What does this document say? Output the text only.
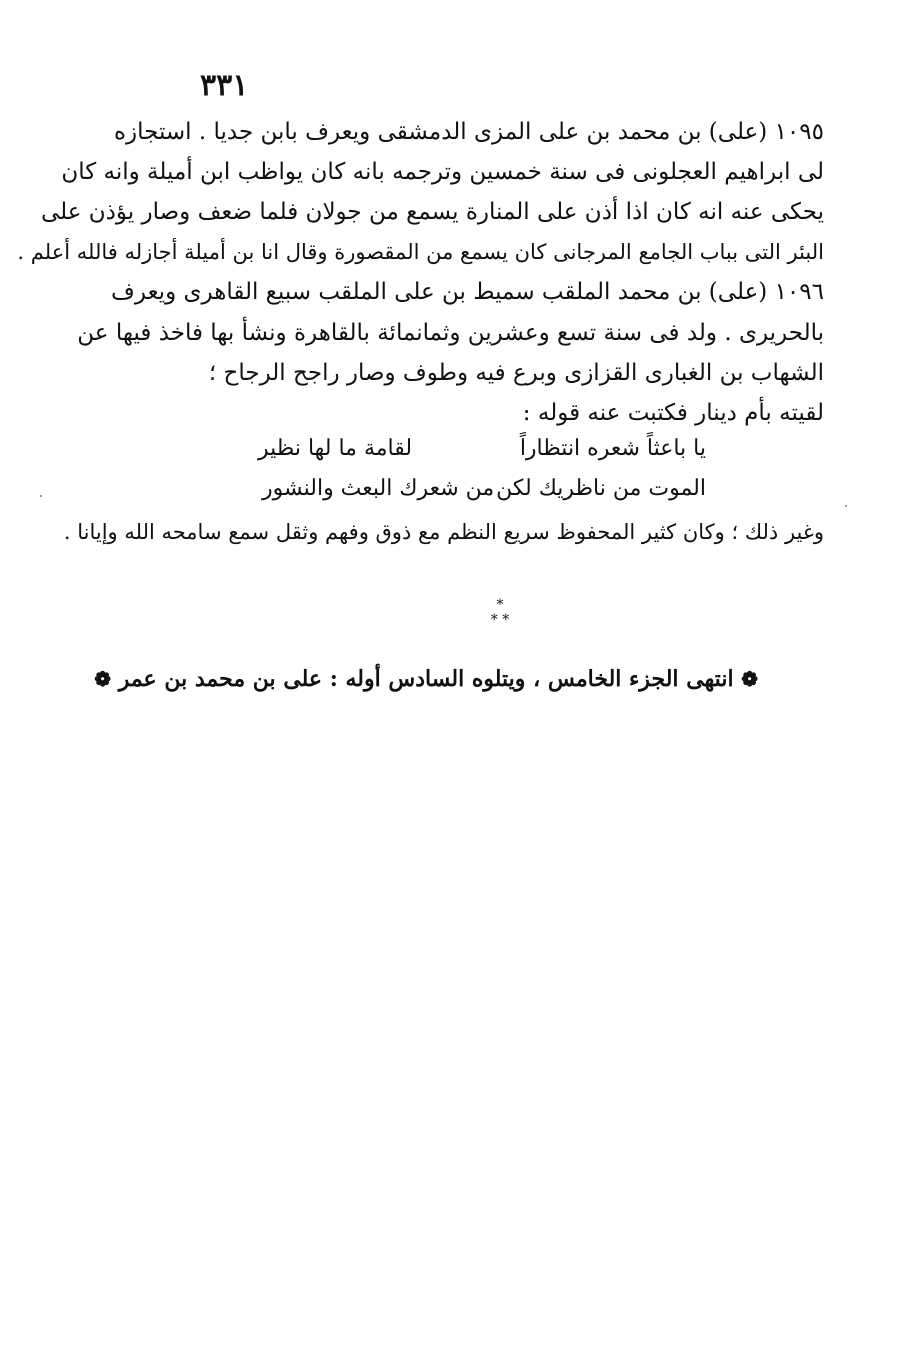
٣٣١
١٠٩٥ (على) بن محمد بن على المزى الدمشقى ويعرف بابن جديا . استجازه
لى ابراهيم العجلونى فى سنة خمسين وترجمه بانه كان يواظب ابن أميلة وانه كان
يحكى عنه انه كان اذا أذن على المنارة يسمع من جولان فلما ضعف وصار يؤذن على
البئر التى بباب الجامع المرجانى كان يسمع من المقصورة وقال انا بن أميلة أجازله فالله أعلم .
١٠٩٦ (على) بن محمد الملقب سميط بن على الملقب سبيع القاهرى ويعرف
بالحريرى . ولد فى سنة تسع وعشرين وثمانمائة بالقاهرة ونشأ بها فاخذ فيها عن
الشهاب بن الغبارى القزازى وبرع فيه وطوف وصار راجح الرجاح ؛
لقيته بأم دينار فكتبت عنه قوله :
يا باعثاً شعره انتظاراً
لقامة ما لها نظير
الموت من ناظريك لكن
من شعرك البعث والنشور
وغير ذلك ؛ وكان كثير المحفوظ سريع النظم مع ذوق وفهم وثقل سمع سامحه الله وإيانا .
*
* *
❁ انتهى الجزء الخامس ، ويتلوه السادس أوله : على بن محمد بن عمر ❁
